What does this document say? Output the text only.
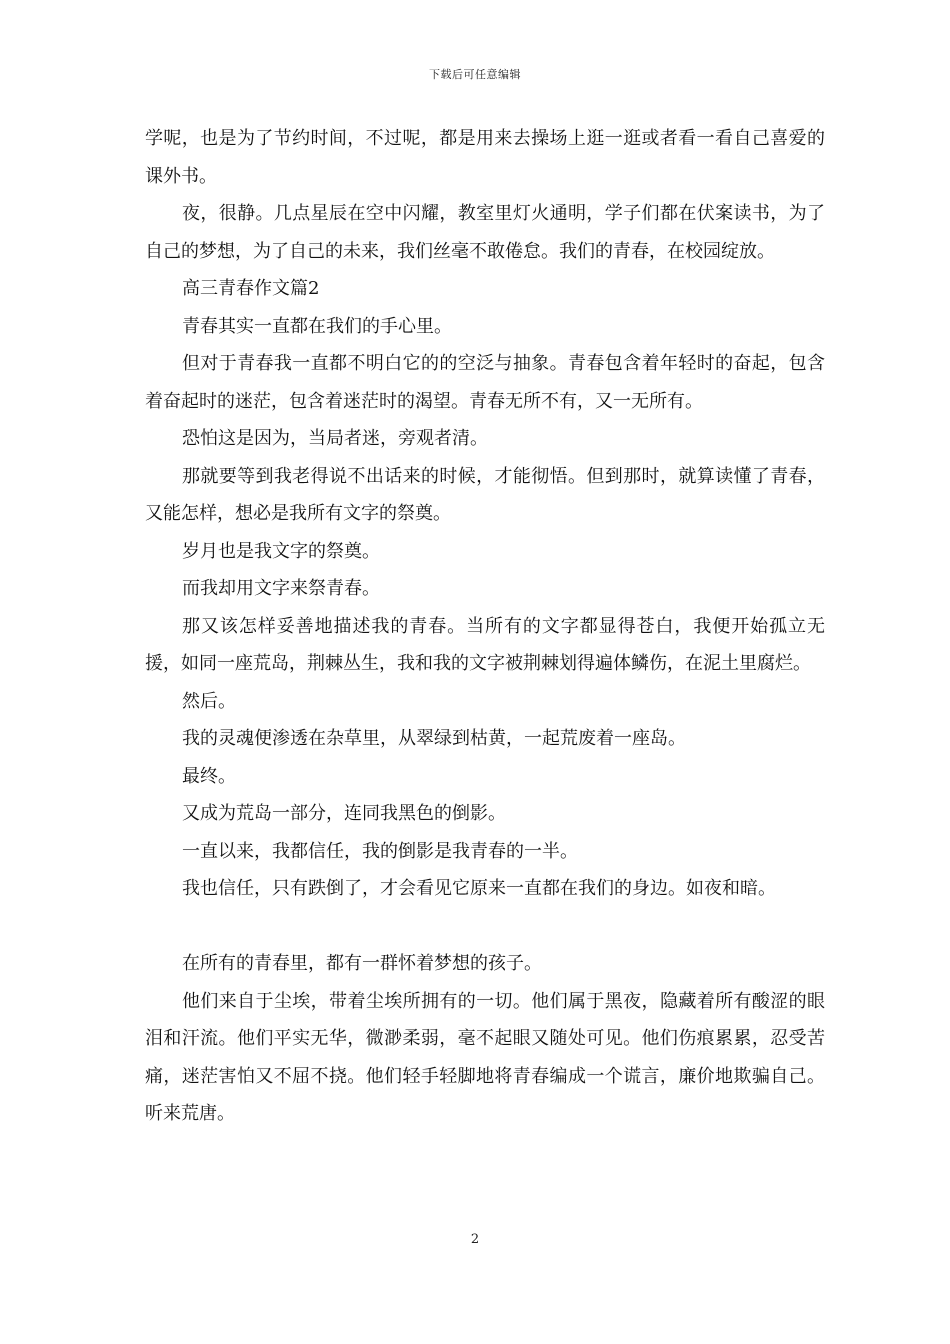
下载后可任意编辑

学呢，也是为了节约时间，不过呢，都是用来去操场上逛一逛或者看一看自己喜爱的课外书。

夜，很静。几点星辰在空中闪耀，教室里灯火通明，学子们都在伏案读书，为了自己的梦想，为了自己的未来，我们丝毫不敢倦怠。我们的青春，在校园绽放。

高三青春作文篇2

青春其实一直都在我们的手心里。

但对于青春我一直都不明白它的的空泛与抽象。青春包含着年轻时的奋起，包含着奋起时的迷茫，包含着迷茫时的渴望。青春无所不有，又一无所有。

恐怕这是因为，当局者迷，旁观者清。

那就要等到我老得说不出话来的时候，才能彻悟。但到那时，就算读懂了青春，又能怎样，想必是我所有文字的祭奠。

岁月也是我文字的祭奠。

而我却用文字来祭青春。

那又该怎样妥善地描述我的青春。当所有的文字都显得苍白，我便开始孤立无援，如同一座荒岛，荆棘丛生，我和我的文字被荆棘划得遍体鳞伤，在泥土里腐烂。

然后。

我的灵魂便渗透在杂草里，从翠绿到枯黄，一起荒废着一座岛。

最终。

又成为荒岛一部分，连同我黑色的倒影。

一直以来，我都信任，我的倒影是我青春的一半。

我也信任，只有跌倒了，才会看见它原来一直都在我们的身边。如夜和暗。

在所有的青春里，都有一群怀着梦想的孩子。

他们来自于尘埃，带着尘埃所拥有的一切。他们属于黑夜，隐藏着所有酸涩的眼泪和汗流。他们平实无华，微渺柔弱，毫不起眼又随处可见。他们伤痕累累，忍受苦痛，迷茫害怕又不屈不挠。他们轻手轻脚地将青春编成一个谎言，廉价地欺骗自己。听来荒唐。

2
